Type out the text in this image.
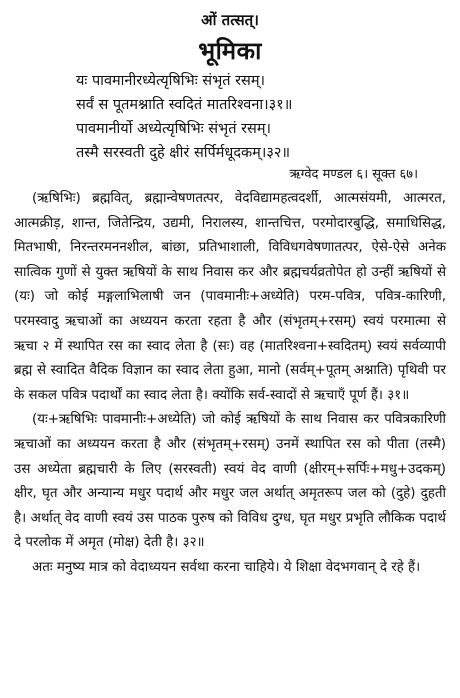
ओं तत्सत्।
भूमिका
यः पावमानीरध्येत्यृषिभिः संभृतं रसम्।
सर्वं स पूतमश्नाति स्वदितं मातरिश्वना।३१॥
पावमानीर्यो अध्येत्यृषिभिः संभृतं रसम्।
तस्मै सरस्वती दुहे क्षीरं सर्पिर्मधूदकम्।३२॥
ऋग्वेद मण्डल ६। सूक्त ६७।

(ऋषिभिः) ब्रह्मवित्, ब्रह्मान्वेषणतत्पर, वेदविद्यामहत्वदर्शी, आत्मसंयमी, आत्मरत, आत्मक्रीड़, शान्त, जितेन्द्रिय, उद्यमी, निरालस्य, शान्तचित्त, परमोदारबुद्धि, समाधिसिद्ध, मितभाषी, निरन्तरमननशील, बांछा, प्रतिभाशाली, विविधगवेषणातत्पर, ऐसे-ऐसे अनेक सात्विक गुणों से युक्त ऋषियों के साथ निवास कर और ब्रह्मचर्यव्रतोपेत हो उन्हीं ऋषियों से (यः) जो कोई मङ्गलाभिलाषी जन (पावमानीः+अध्येति) परम-पवित्र, पवित्र-कारिणी, परमस्वादु ऋचाओं का अध्ययन करता रहता है और (संभृतम्+रसम्) स्वयं परमात्मा से ऋचा २ में स्थापित रस का स्वाद लेता है (सः) वह (मातरिश्वना+स्वदितम्) स्वयं सर्वव्यापी ब्रह्म से स्वादित वैदिक विज्ञान का स्वाद लेता हुआ, मानो (सर्वम्+पूतम् अश्नाति) पृथिवी पर के सकल पवित्र पदार्थों का स्वाद लेता है। क्योंकि सर्व-स्वादों से ऋचाएँ पूर्ण हैं। ३१॥

(यः+ऋषिभिः पावमानीः+अध्येति) जो कोई ऋषियों के साथ निवास कर पवित्रकारिणी ऋचाओं का अध्ययन करता है और (संभृतम्+रसम्) उनमें स्थापित रस को पीता (तस्मै) उस अध्येता ब्रह्मचारी के लिए (सरस्वती) स्वयं वेद वाणी (क्षीरम्+सर्पिः+मधु+उदकम्) क्षीर, घृत और अन्यान्य मधुर पदार्थ और मधुर जल अर्थात् अमृतरूप जल को (दुहे) दुहती है। अर्थात् वेद वाणी स्वयं उस पाठक पुरुष को विविध दुग्ध, घृत मधुर प्रभृति लौकिक पदार्थ दे परलोक में अमृत (मोक्ष) देती है। ३२॥

अतः मनुष्य मात्र को वेदाध्ययन सर्वथा करना चाहिये। ये शिक्षा वेदभगवान् दे रहे हैं।
